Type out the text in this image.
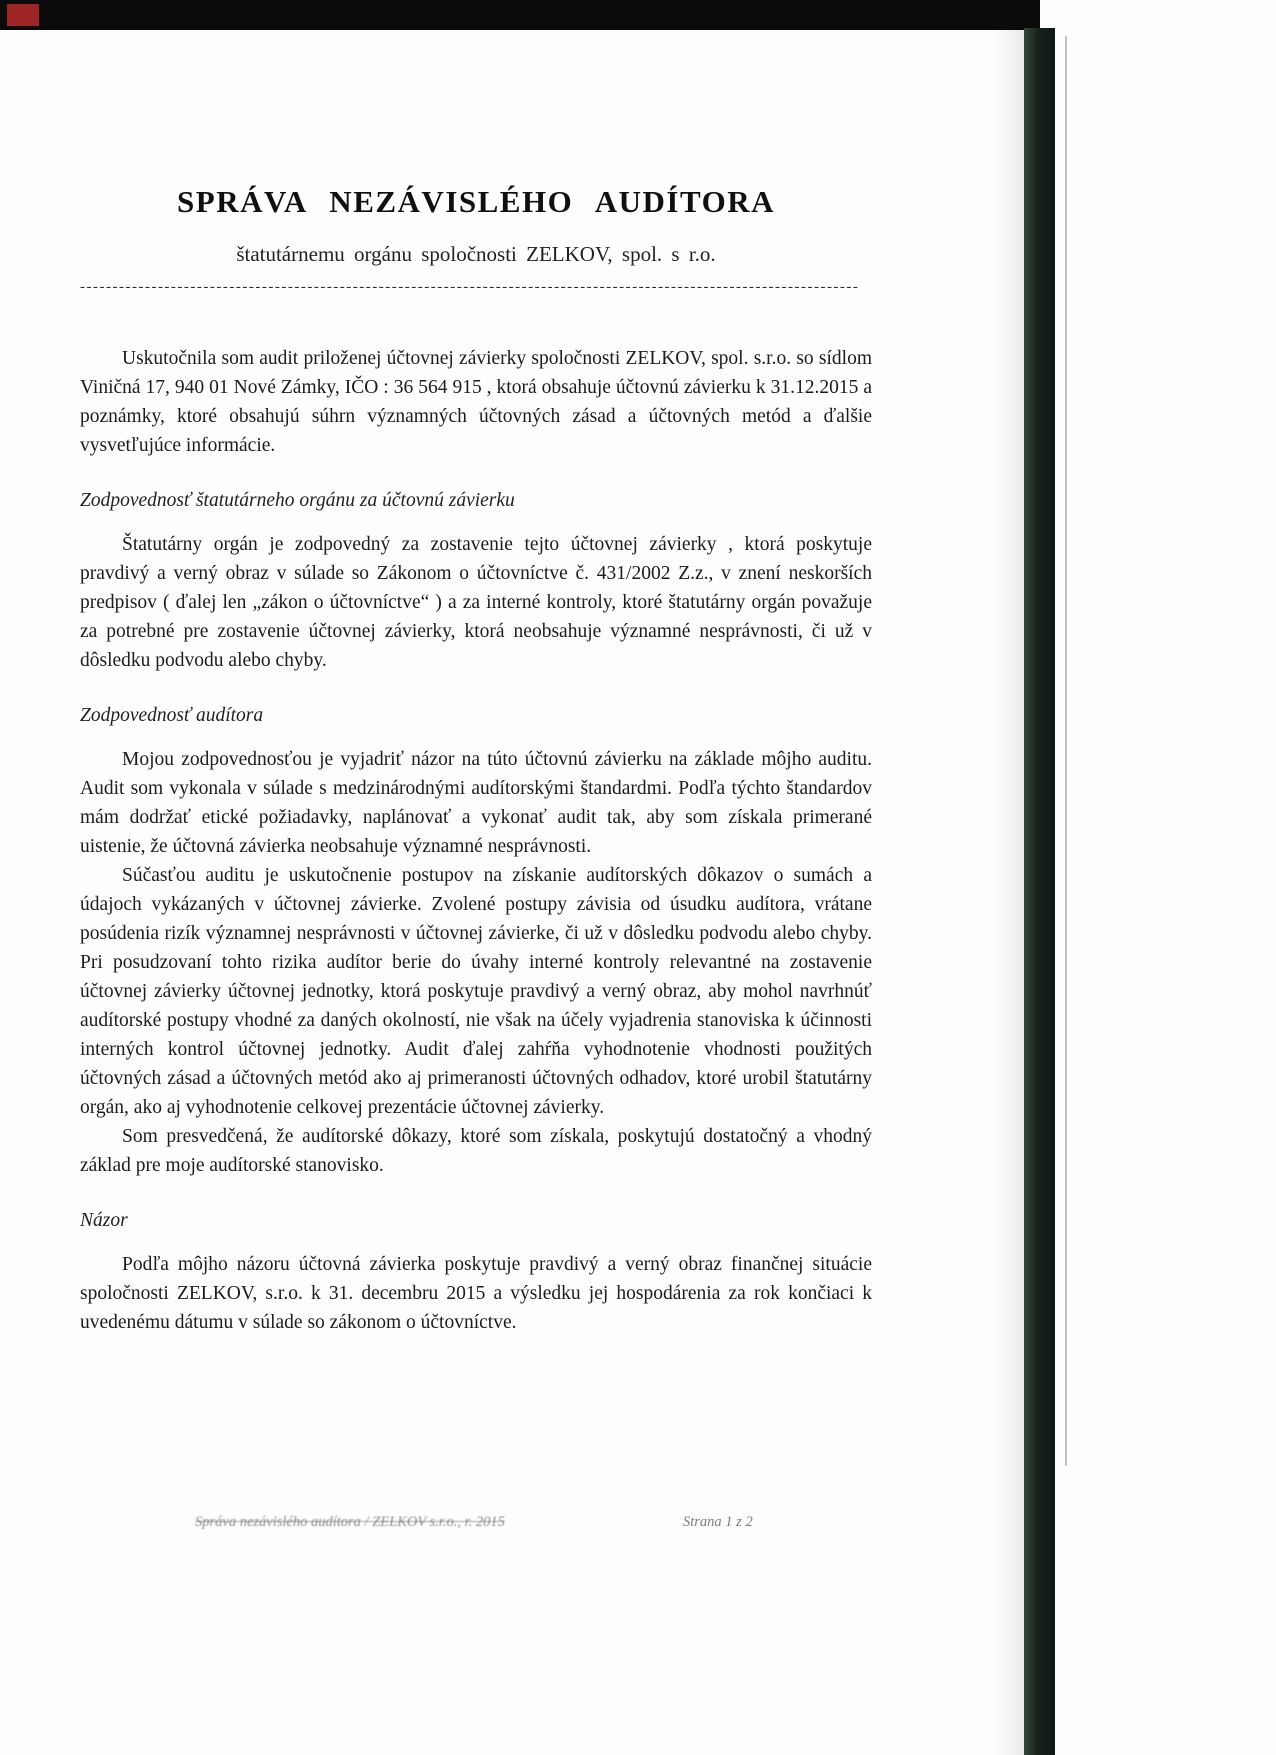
SPRÁVA NEZÁVISLÉHO AUDÍTORA
štatutárnemu orgánu spoločnosti ZELKOV, spol. s r.o.
------------------------------------------------------------------------------------------------------------------------

Uskutočnila som audit priloženej účtovnej závierky spoločnosti ZELKOV, spol. s.r.o. so sídlom Viničná 17, 940 01 Nové Zámky, IČO : 36 564 915 , ktorá obsahuje účtovnú závierku k 31.12.2015 a poznámky, ktoré obsahujú súhrn významných účtovných zásad a účtovných metód a ďalšie vysvetľujúce informácie.

Zodpovednosť štatutárneho orgánu za účtovnú závierku

Štatutárny orgán je zodpovedný za zostavenie tejto účtovnej závierky , ktorá poskytuje pravdivý a verný obraz v súlade so Zákonom o účtovníctve č. 431/2002 Z.z., v znení neskorších predpisov ( ďalej len „zákon o účtovníctve“ ) a za interné kontroly, ktoré štatutárny orgán považuje za potrebné pre zostavenie účtovnej závierky, ktorá neobsahuje významné nesprávnosti, či už v dôsledku podvodu alebo chyby.

Zodpovednosť audítora

Mojou zodpovednosťou je vyjadriť názor na túto účtovnú závierku na základe môjho auditu. Audit som vykonala v súlade s medzinárodnými audítorskými štandardmi. Podľa týchto štandardov mám dodržať etické požiadavky, naplánovať a vykonať audit tak, aby som získala primerané uistenie, že účtovná závierka neobsahuje významné nesprávnosti.

Súčasťou auditu je uskutočnenie postupov na získanie audítorských dôkazov o sumách a údajoch vykázaných v účtovnej závierke. Zvolené postupy závisia od úsudku audítora, vrátane posúdenia rizík významnej nesprávnosti v účtovnej závierke, či už v dôsledku podvodu alebo chyby. Pri posudzovaní tohto rizika audítor berie do úvahy interné kontroly relevantné na zostavenie účtovnej závierky účtovnej jednotky, ktorá poskytuje pravdivý a verný obraz, aby mohol navrhnúť audítorské postupy vhodné za daných okolností, nie však na účely vyjadrenia stanoviska k účinnosti interných kontrol účtovnej jednotky. Audit ďalej zahŕňa vyhodnotenie vhodnosti použitých účtovných zásad a účtovných metód ako aj primeranosti účtovných odhadov, ktoré urobil štatutárny orgán, ako aj vyhodnotenie celkovej prezentácie účtovnej závierky.

Som presvedčená, že audítorské dôkazy, ktoré som získala, poskytujú dostatočný a vhodný základ pre moje audítorské stanovisko.

Názor

Podľa môjho názoru účtovná závierka poskytuje pravdivý a verný obraz finančnej situácie spoločnosti ZELKOV, s.r.o. k 31. decembru 2015 a výsledku jej hospodárenia za rok končiaci k uvedenému dátumu v súlade so zákonom o účtovníctve.

Správa nezávislého audítora / ZELKOV s.r.o., r. 2015	Strana 1 z 2
